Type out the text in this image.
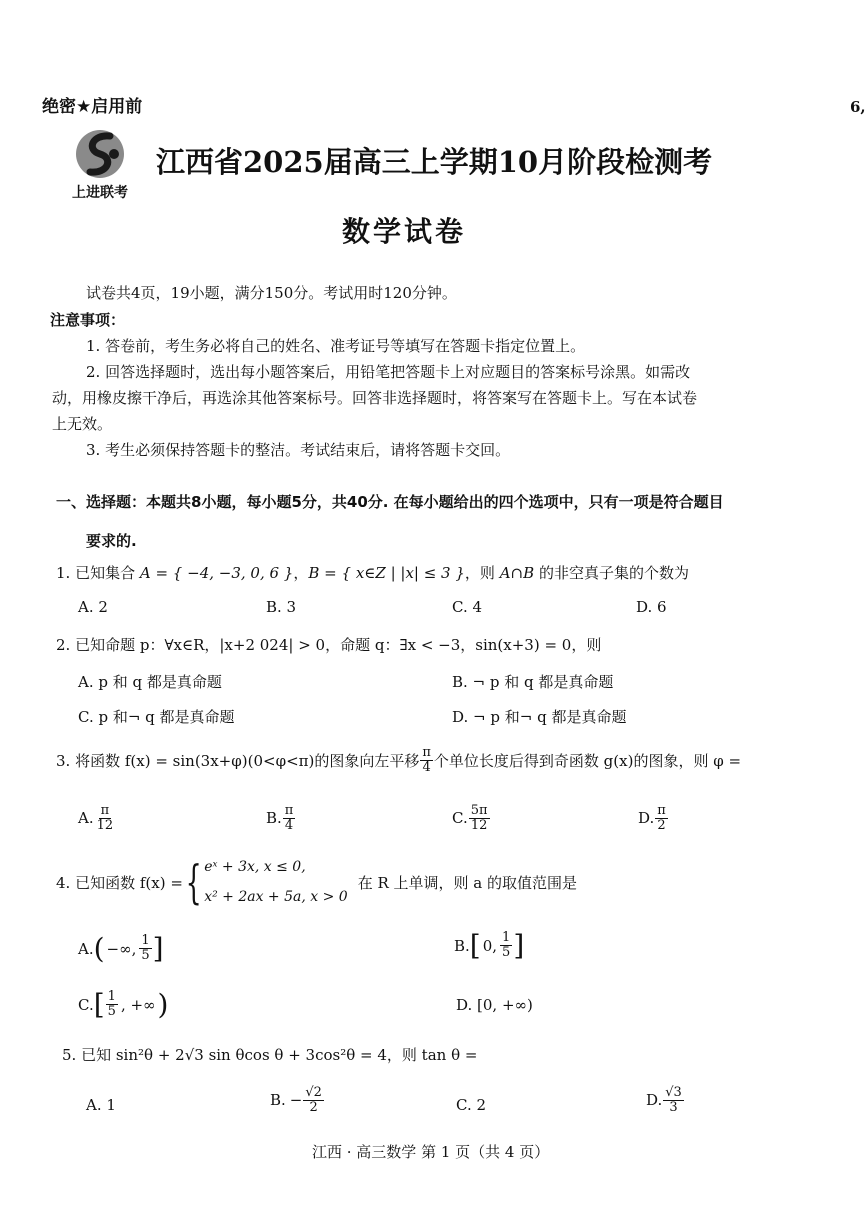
绝密★启用前	6,
上进联考
江西省2025届高三上学期10月阶段检测考
数学试卷
试卷共4页，19小题，满分150分。考试用时120分钟。
注意事项：
1. 答卷前，考生务必将自己的姓名、准考证号等填写在答题卡指定位置上。
2. 回答选择题时，选出每小题答案后，用铅笔把答题卡上对应题目的答案标号涂黑。如需改
动，用橡皮擦干净后，再选涂其他答案标号。回答非选择题时，将答案写在答题卡上。写在本试卷
上无效。
3. 考生必须保持答题卡的整洁。考试结束后，请将答题卡交回。
一、选择题：本题共8小题，每小题5分，共40分. 在每小题给出的四个选项中，只有一项是符合题目
要求的.
1. 已知集合 A = { −4, −3, 0, 6 }，B = { x∈Z | |x| ≤ 3 }，则 A∩B 的非空真子集的个数为
A. 2	B. 3	C. 4	D. 6
2. 已知命题 p：∀x∈R，|x+2 024| > 0，命题 q：∃x < −3，sin(x+3) = 0，则
A. p 和 q 都是真命题	B. ¬ p 和 q 都是真命题
C. p 和¬ q 都是真命题	D. ¬ p 和¬ q 都是真命题
3. 将函数 f(x) = sin(3x+φ)(0<φ<π)的图象向左平移 $\frac{\pi}{4}$ 个单位长度后得到奇函数 g(x)的图象，则 φ =
A. $\frac{\pi}{12}$	B. $\frac{\pi}{4}$	C. $\frac{5\pi}{12}$	D. $\frac{\pi}{2}$
4. 已知函数 f(x) = { eˣ + 3x, x ≤ 0,
x² + 2ax + 5a, x > 0
在 R 上单调，则 a 的取值范围是
A. ( −∞, $\frac{1}{5}$ ]	B. [ 0, $\frac{1}{5}$ ]
C. [ $\frac{1}{5}$ , +∞ )	D. [0, +∞)
5. 已知 sin²θ + 2√3 sin θcos θ + 3cos²θ = 4，则 tan θ =
A. 1	B. − $\frac{√2}{2}$	C. 2	D. $\frac{√3}{3}$
江西 · 高三数学 第 1 页（共 4 页）
